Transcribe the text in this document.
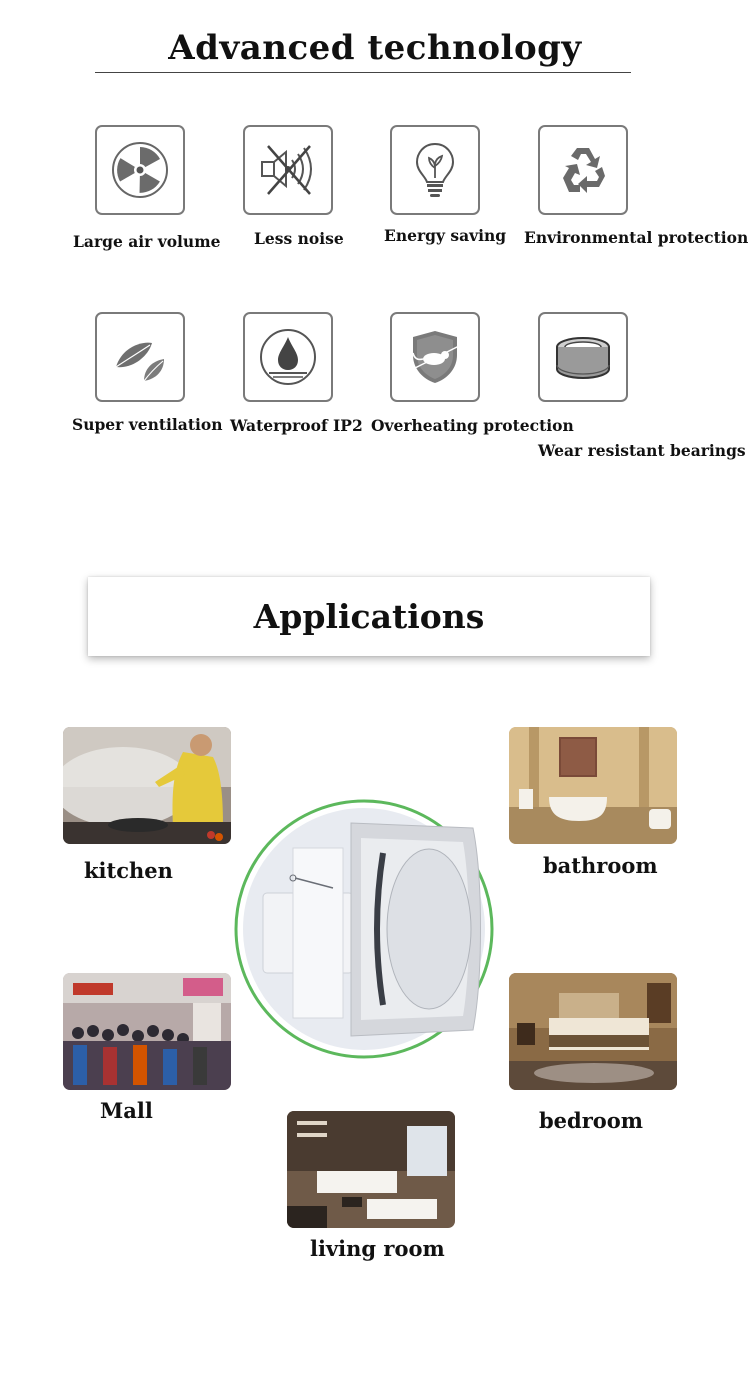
Advanced technology
Large air volume Less noise	Energy saving Environmental protection
Super ventilation Waterproof IP2 Overheating protection
Wear resistant bearings
Applications
kitchen	bathroom
Mall	bedroom
living room
